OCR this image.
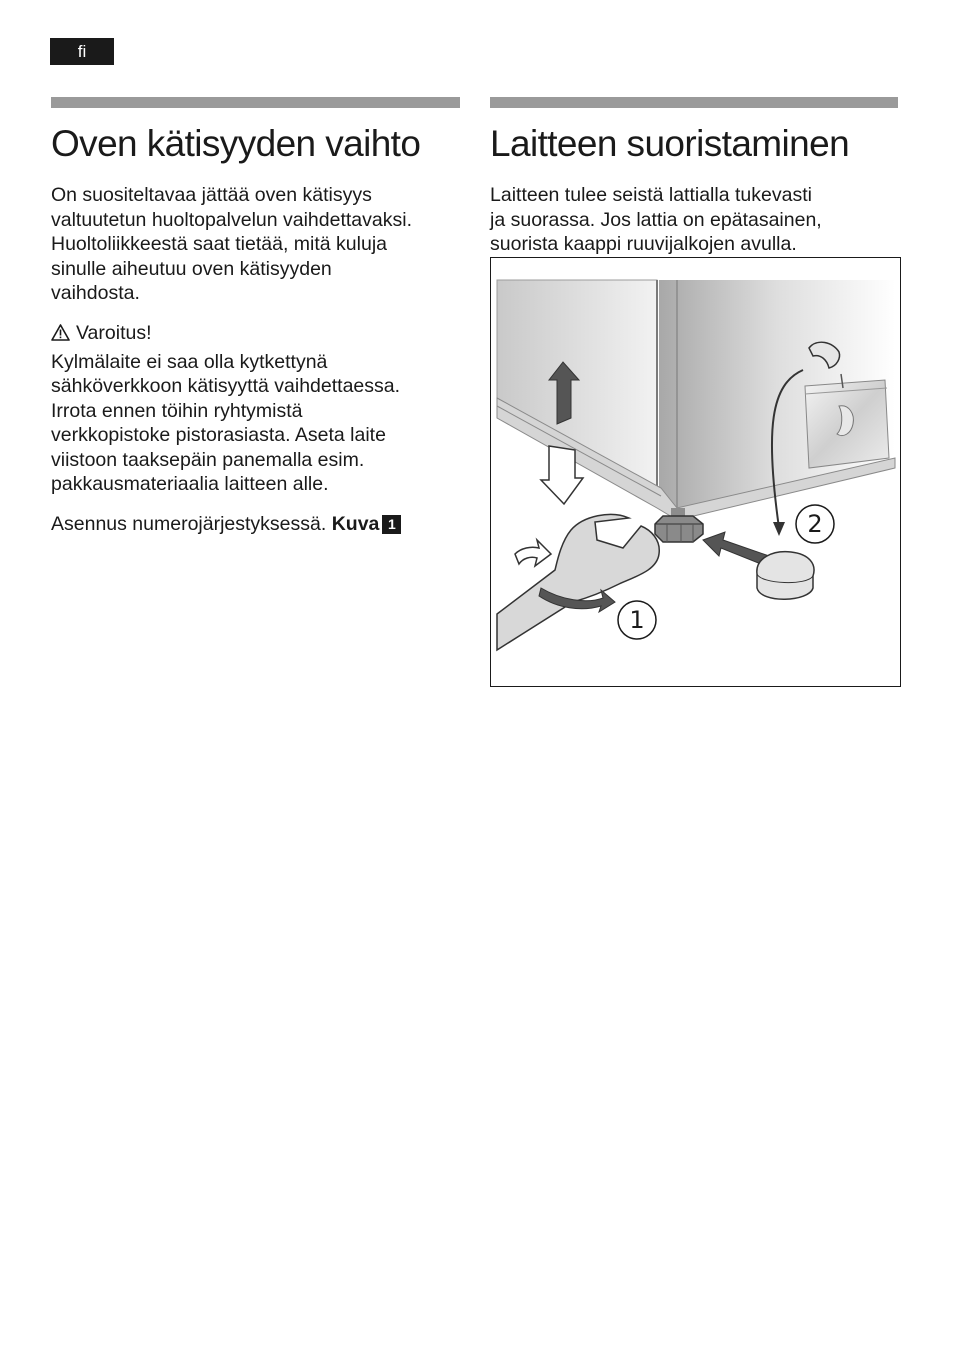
fi
Oven kätisyyden vaihto

On suositeltavaa jättää oven kätisyys
valtuutetun huoltopalvelun vaihdettavaksi.
Huoltoliikkeestä saat tietää, mitä kuluja
sinulle aiheutuu oven kätisyyden
vaihdosta.

Varoitus!

Kylmälaite ei saa olla kytkettynä
sähköverkkoon kätisyyttä vaihdettaessa.
Irrota ennen töihin ryhtymistä
verkkopistoke pistorasiasta. Aseta laite
viistoon taaksepäin panemalla esim.
pakkausmateriaalia laitteen alle.

Asennus numerojärjestyksessä. Kuva 1

Laitteen suoristaminen

Laitteen tulee seistä lattialla tukevasti
ja suorassa. Jos lattia on epätasainen,
suorista kaappi ruuvijalkojen avulla.

2
1
